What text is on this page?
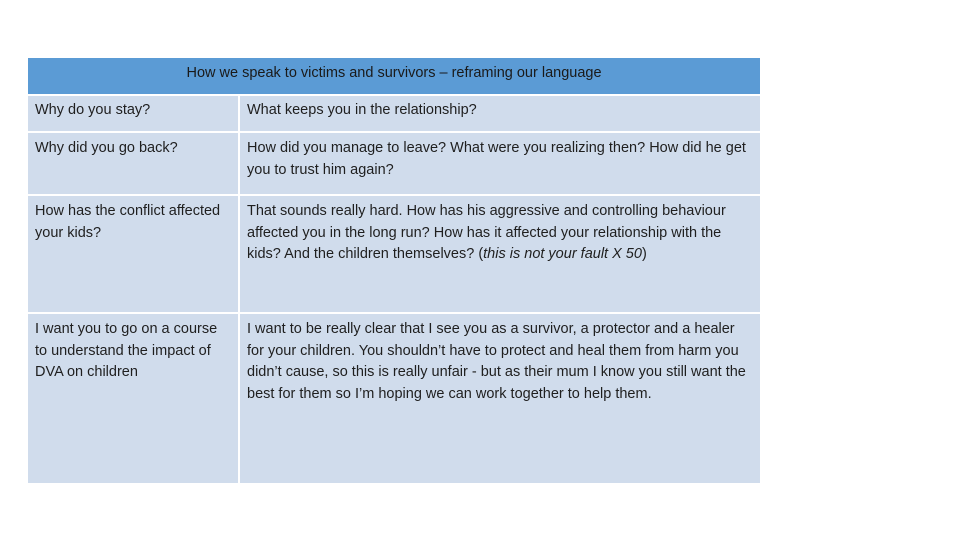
How we speak to victims and survivors – reframing our language	
Why do you stay?	What keeps you in the relationship?
Why did you go back?	How did you manage to leave? What were you realizing then? How did he get you to trust him again?
How has the conflict affected your kids?	That sounds really hard. How has his aggressive and controlling behaviour affected you in the long run? How has it affected your relationship with the kids? And the children themselves? (this is not your fault X 50)
I want you to go on a course to understand the impact of DVA on children	I want to be really clear that I see you as a survivor, a protector and a healer for your children. You shouldn’t have to protect and heal them from harm you didn’t cause, so this is really unfair - but as their mum I know you still want the best for them so I’m hoping we can work together to help them.
